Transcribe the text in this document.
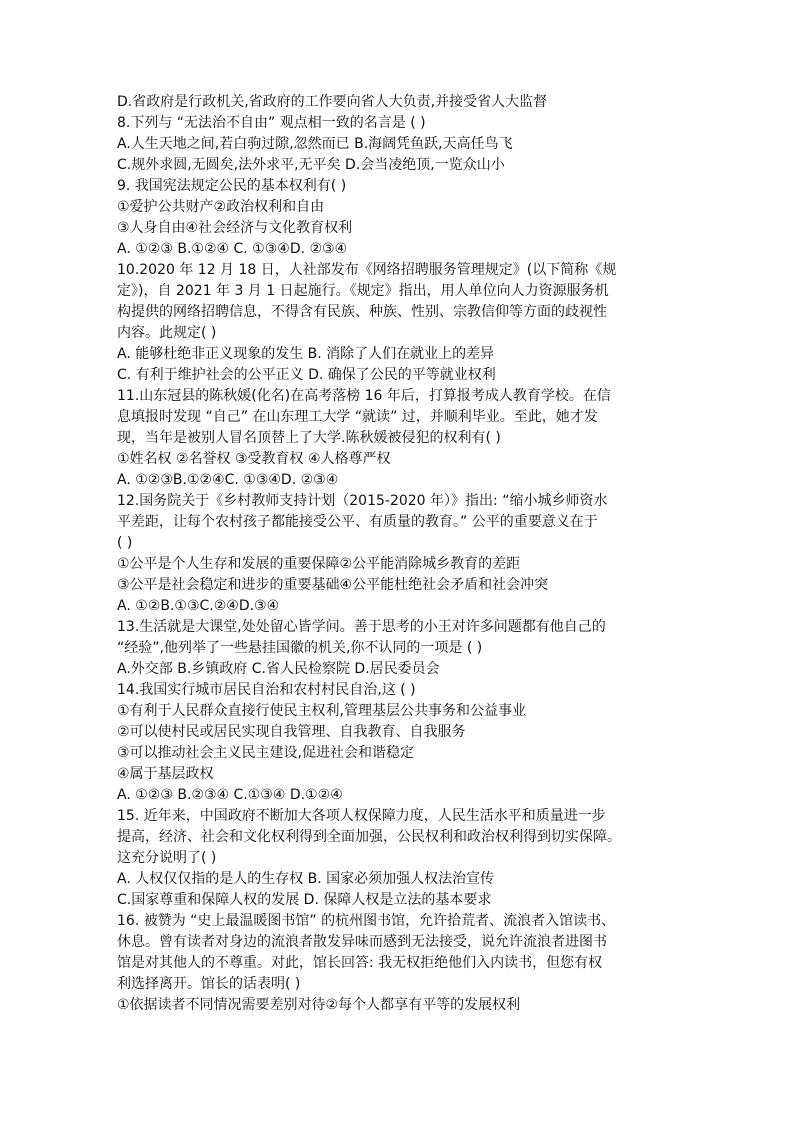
D.省政府是行政机关,省政府的工作要向省人大负责,并接受省人大监督
8.下列与 “无法治不自由” 观点相一致的名言是 ( )
A.人生天地之间,若白驹过隙,忽然而已 B.海阔凭鱼跃,天高任鸟飞
C.规外求圆,无圆矣,法外求平,无平矣 D.会当凌绝顶,一览众山小
9. 我国宪法规定公民的基本权利有( )
①爱护公共财产②政治权利和自由
③人身自由④社会经济与文化教育权利
A. ①②③ B.①②④ C. ①③④D. ②③④
10.2020 年 12 月 18 日，人社部发布《网络招聘服务管理规定》(以下简称《规
定》)，自 2021 年 3 月 1 日起施行。《规定》指出，用人单位向人力资源服务机
构提供的网络招聘信息，不得含有民族、种族、性别、宗教信仰等方面的歧视性
内容。此规定( )
A. 能够杜绝非正义现象的发生 B. 消除了人们在就业上的差异
C. 有利于维护社会的公平正义 D. 确保了公民的平等就业权利
11.山东冠县的陈秋媛(化名)在高考落榜 16 年后，打算报考成人教育学校。在信
息填报时发现 “自己” 在山东理工大学 “就读” 过，并顺利毕业。至此，她才发
现，当年是被别人冒名顶替上了大学.陈秋媛被侵犯的权利有( )
①姓名权 ②名誉权 ③受教育权 ④人格尊严权
A. ①②③B.①②④C. ①③④D. ②③④
12.国务院关于《乡村教师支持计划（2015-2020 年）》指出: “缩小城乡师资水
平差距，让每个农村孩子都能接受公平、有质量的教育。” 公平的重要意义在于
( )
①公平是个人生存和发展的重要保障②公平能消除城乡教育的差距
③公平是社会稳定和进步的重要基础④公平能杜绝社会矛盾和社会冲突
A. ①②B.①③C.②④D.③④
13.生活就是大课堂,处处留心皆学问。善于思考的小王对许多问题都有他自己的
“经验”,他列举了一些悬挂国徽的机关,你不认同的一项是 ( )
A.外交部 B.乡镇政府 C.省人民检察院 D.居民委员会
14.我国实行城市居民自治和农村村民自治,这 ( )
①有利于人民群众直接行使民主权利,管理基层公共事务和公益事业
②可以使村民或居民实现自我管理、自我教育、自我服务
③可以推动社会主义民主建设,促进社会和谐稳定
④属于基层政权
A. ①②③ B.②③④ C.①③④ D.①②④
15. 近年来，中国政府不断加大各项人权保障力度，人民生活水平和质量进一步
提高，经济、社会和文化权利得到全面加强，公民权利和政治权利得到切实保障。
这充分说明了( )
A. 人权仅仅指的是人的生存权 B. 国家必须加强人权法治宣传
C.国家尊重和保障人权的发展 D. 保障人权是立法的基本要求
16. 被赞为 “史上最温暖图书馆” 的杭州图书馆，允许拾荒者、流浪者入馆读书、
休息。曾有读者对身边的流浪者散发异味而感到无法接受，说允许流浪者进图书
馆是对其他人的不尊重。对此，馆长回答: 我无权拒绝他们入内读书，但您有权
利选择离开。馆长的话表明( )
①依据读者不同情况需要差别对待②每个人都享有平等的发展权利
